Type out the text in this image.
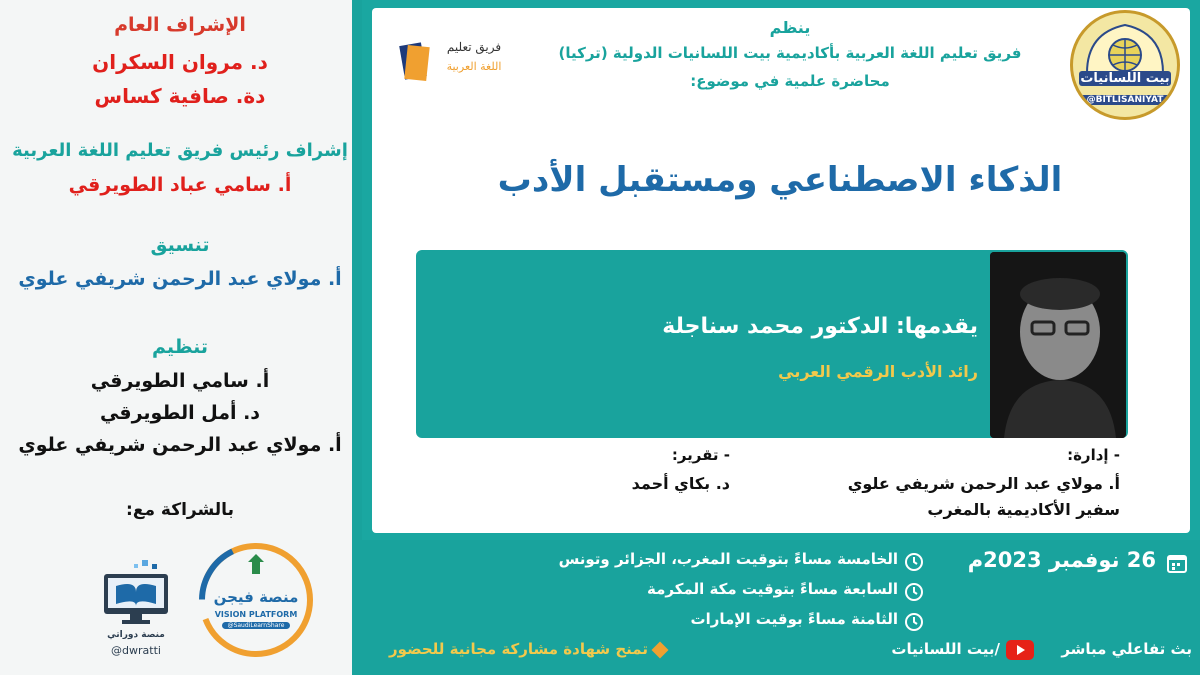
الإشراف العام
د. مروان السكران
دة. صافية كساس
إشراف رئيس فريق تعليم اللغة العربية
أ. سامي عباد الطويرقي
تنسيق
أ. مولاي عبد الرحمن شريفي علوي
تنظيم
أ. سامي الطويرقي
د. أمل الطويرقي
أ. مولاي عبد الرحمن شريفي علوي
بالشراكة مع:
منصة فيجن
VISION PLATFORM
@SaudiLearnShare
منصة دوراتي
@dwratti
بيت اللسانيات
@BITLISANIYAT
فريق تعليم
اللغة العربية
ينظم
فريق تعليم اللغة العربية بأكاديمية بيت اللسانيات الدولية (تركيا)
محاضرة علمية في موضوع:
الذكاء الاصطناعي ومستقبل الأدب
يقدمها: الدكتور محمد سناجلة
رائد الأدب الرقمي العربي
- إدارة:
أ. مولاي عبد الرحمن شريفي علوي
سفير الأكاديمية بالمغرب
- تقرير:
د. بكاي أحمد
26 نوفمبر 2023م
الخامسة مساءً بتوقيت المغرب، الجزائر وتونس
السابعة مساءً بتوقيت مكة المكرمة
الثامنة مساءً بوقيت الإمارات
بث تفاعلي مباشر
/بيت اللسانيات
تمنح شهادة مشاركة مجانية للحضور
